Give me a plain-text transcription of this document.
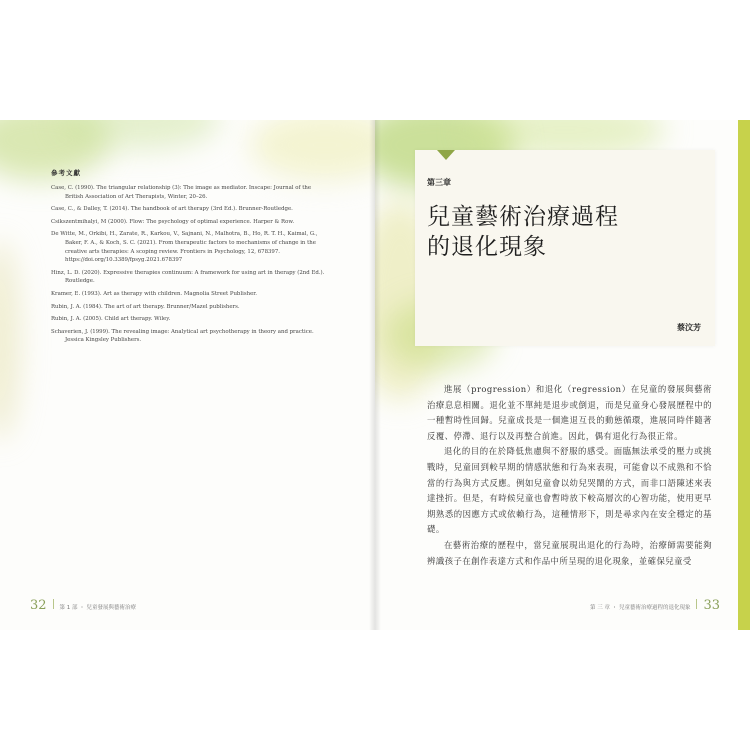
參考文獻
Case, C. (1990). The triangular relationship (3): The image as mediator. Inscape: Journal of the British Association of Art Therapists, Winter, 20–26.
Case, C., & Dalley, T. (2014). The handbook of art therapy (3rd Ed.). Brunner-Routledge.
Csikszentmihalyi, M (2000). Flow: The psychology of optimal experience. Harper & Row.
De Witte, M., Orkibi, H., Zarate, R., Karkou, V., Sajnani, N., Malhotra, B., Ho, R. T. H., Kaimal, G., Baker, F. A., & Koch, S. C. (2021). From therapeutic factors to mechanisms of change in the creative arts therapies: A scoping review. Frontiers in Psychology, 12, 678397. https://doi.org/10.3389/fpsyg.2021.678397
Hinz, L. D. (2020). Expressive therapies continuum: A framework for using art in therapy (2nd Ed.). Routledge.
Kramer, E. (1993). Art as therapy with children. Magnolia Street Publisher.
Rubin, J. A. (1984). The art of art therapy. Brunner/Mazel publishers.
Rubin, J. A. (2005). Child art therapy. Wiley.
Schaverien, J. (1999). The revealing image: Analytical art psychotherapy in theory and practice. Jessica Kingsley Publishers.
32 第 1 部 ・ 兒童發展與藝術治療
第三章
兒童藝術治療過程
的退化現象
蔡汶芳

進展（progression）和退化（regression）在兒童的發展與藝術治療息息相關。退化並不單純是退步或倒退，而是兒童身心發展歷程中的一種暫時性回歸。兒童成長是一個進退互長的動態循環，進展同時伴隨著反覆、停滯、退行以及再整合前進。因此，偶有退化行為很正常。

退化的目的在於降低焦慮與不舒服的感受。面臨無法承受的壓力或挑戰時，兒童回到較早期的情感狀態和行為來表現，可能會以不成熟和不恰當的行為與方式反應。例如兒童會以幼兒哭鬧的方式，而非口語陳述來表達挫折。但是，有時候兒童也會暫時放下較高層次的心智功能，使用更早期熟悉的因應方式或依賴行為，這種情形下，則是尋求內在安全穩定的基礎。

在藝術治療的歷程中，當兒童展現出退化的行為時，治療師需要能夠辨識孩子在創作表達方式和作品中所呈現的退化現象，並確保兒童受

第 三 章 ・ 兒童藝術治療過程的退化現象 33
